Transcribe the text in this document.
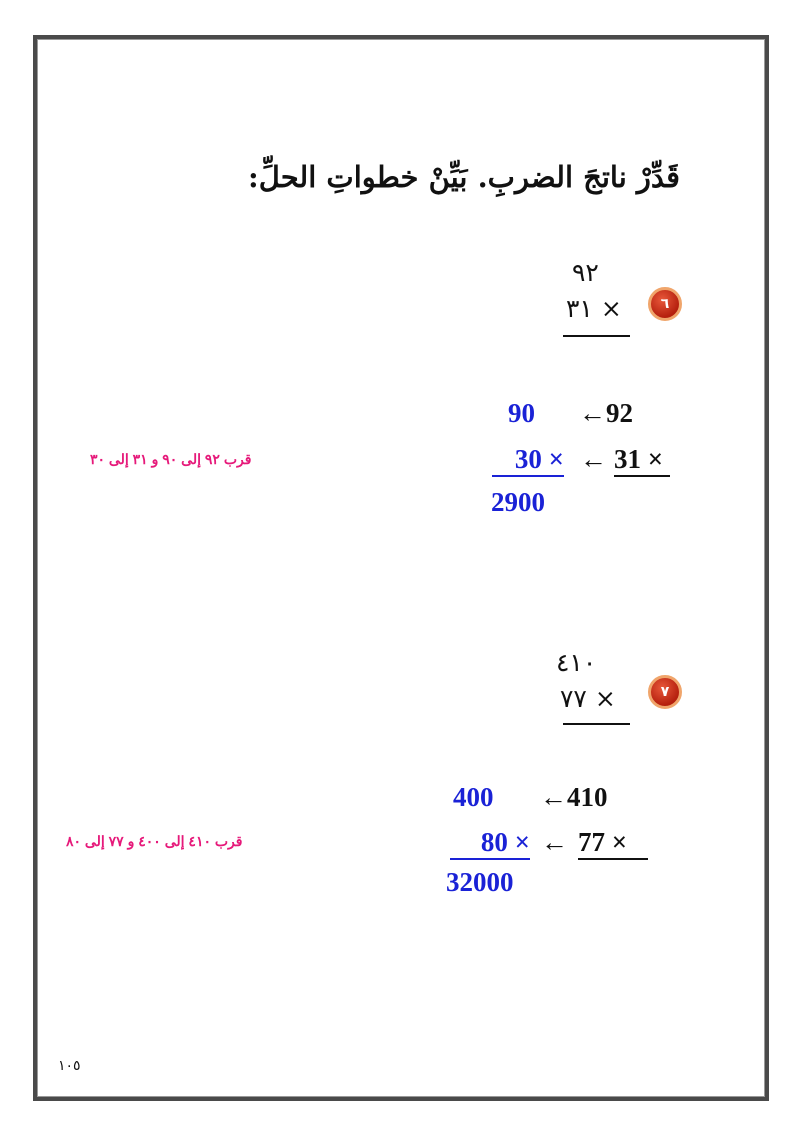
قَدِّرْ ناتجَ الضربِ. بَيِّنْ خطواتِ الحلِّ:
٩٢
٣١ ×	٦
90 ←92
30 × ← 31 ×
2900
قرب ٩٢ إلى ٩٠ و ٣١ إلى ٣٠
٤١٠
٧٧ ×	٧
400 ←410
80 × ← 77 ×
32000
قرب ٤١٠ إلى ٤٠٠ و ٧٧ إلى ٨٠
١٠٥
